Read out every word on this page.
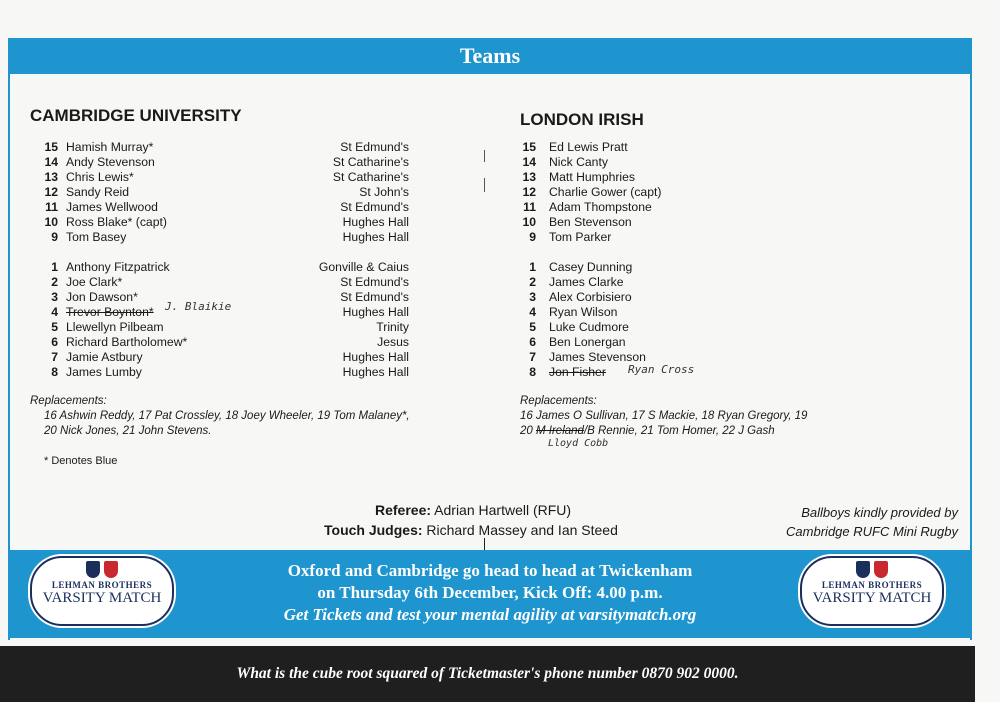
Teams
CAMBRIDGE UNIVERSITY
15 Hamish Murray*	St Edmund's
14 Andy Stevenson	St Catharine's
13 Chris Lewis*	St Catharine's
12 Sandy Reid	St John's
11 James Wellwood	St Edmund's
10 Ross Blake* (capt)	Hughes Hall
9 Tom Basey	Hughes Hall
1 Anthony Fitzpatrick	Gonville & Caius
2 Joe Clark*	St Edmund's
3 Jon Dawson*	St Edmund's
4 Trevor Boynton*	Hughes Hall
5 Llewellyn Pilbeam	Trinity
6 Richard Bartholomew*	Jesus
7 Jamie Astbury	Hughes Hall
8 James Lumby	Hughes Hall
J. Blaikie
Replacements:
16 Ashwin Reddy, 17 Pat Crossley, 18 Joey Wheeler, 19 Tom Malaney*,
20 Nick Jones, 21 John Stevens.
* Denotes Blue
LONDON IRISH
15 Ed Lewis Pratt
14 Nick Canty
13 Matt Humphries
12 Charlie Gower (capt)
11 Adam Thompstone
10 Ben Stevenson
9 Tom Parker
1 Casey Dunning
2 James Clarke
3 Alex Corbisiero
4 Ryan Wilson
5 Luke Cudmore
6 Ben Lonergan
7 James Stevenson
8 Jon Fisher Ryan Cross
Replacements:
16 James O Sullivan, 17 S Mackie, 18 Ryan Gregory, 19
20 M Ireland/B Rennie, 21 Tom Homer, 22 J Gash
Lloyd Cobb
Referee: Adrian Hartwell (RFU)
Touch Judges: Richard Massey and Ian Steed
Ballboys kindly provided by
Cambridge RUFC Mini Rugby
Oxford and Cambridge go head to head at Twickenham
on Thursday 6th December, Kick Off: 4.00 p.m.
Get Tickets and test your mental agility at varsitymatch.org
LEHMAN BROTHERS
VARSITY MATCH
LEHMAN BROTHERS
VARSITY MATCH
What is the cube root squared of Ticketmaster's phone number 0870 902 0000.
